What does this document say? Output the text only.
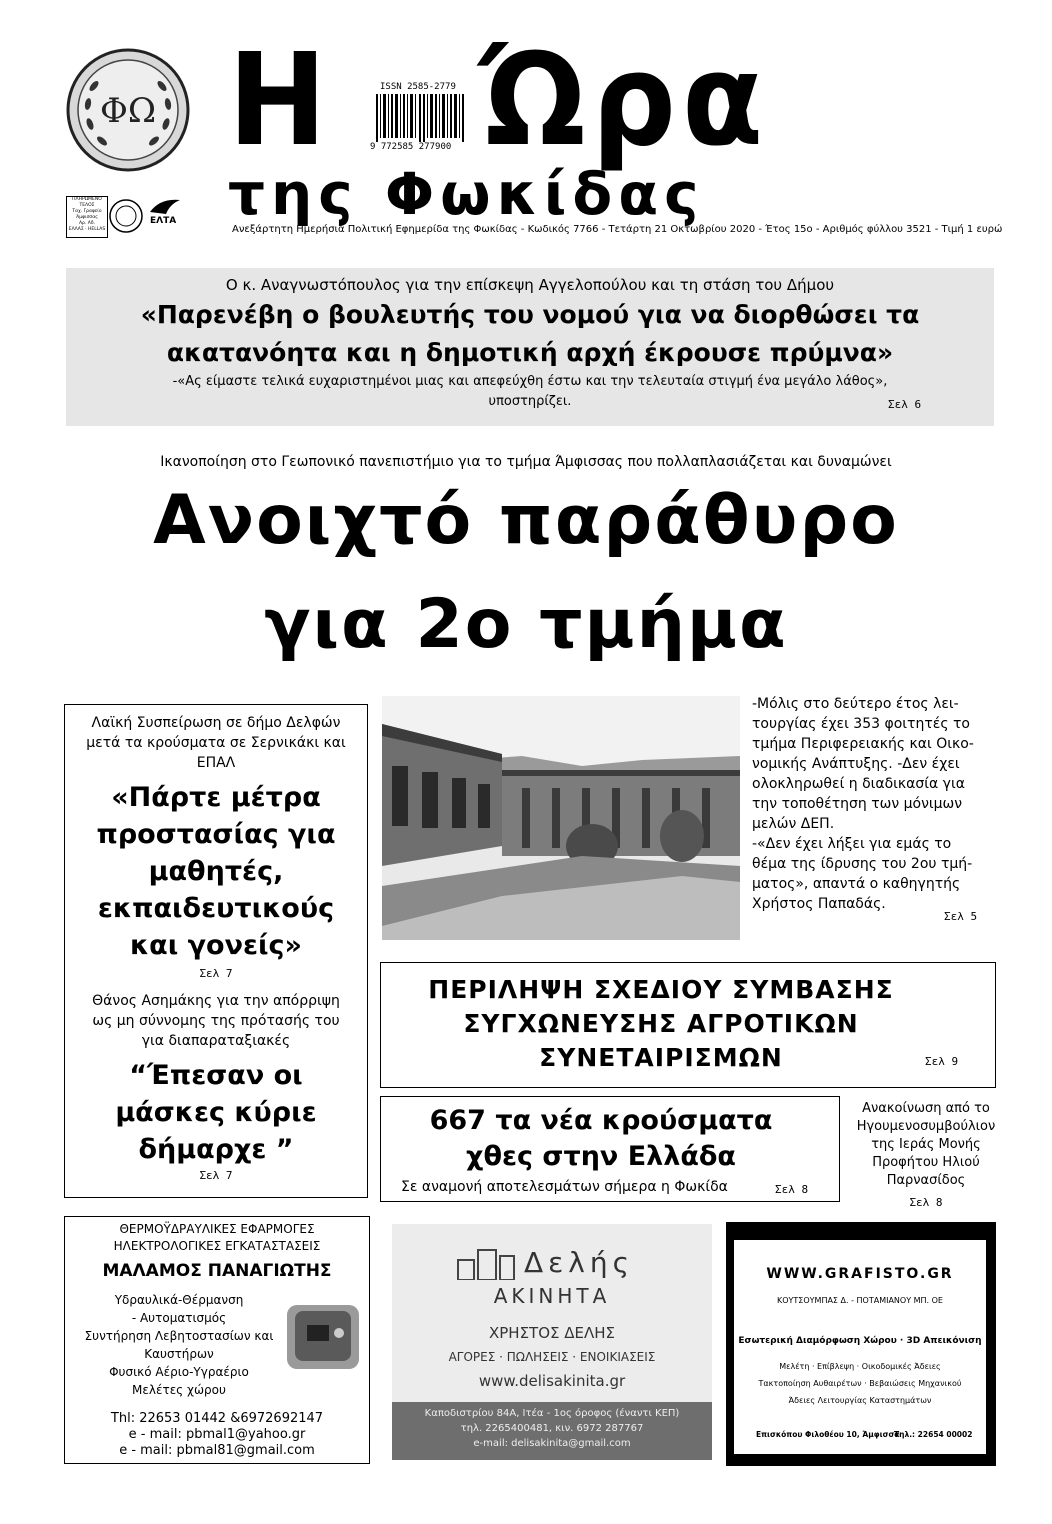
ΦΩ Η Ώρα
ISSN 2585-2779
9 772585 277900
της Φωκίδας
ΠΛΗΡΩΜΕΝΟ
ΤΕΛΟΣ
Ταχ. Γραφείο
Άμφισσας
Αρ. Αδ.
ΕΛΛΑΣ · HELLAS
ΕΛΤΑ
Ανεξάρτητη Ημερήσια Πολιτική Εφημερίδα της Φωκίδας - Κωδικός 7766 - Τετάρτη 21 Οκτωβρίου 2020 - Έτος 15ο - Αριθμός φύλλου 3521 - Τιμή 1 ευρώ
Ο κ. Αναγνωστόπουλος για την επίσκεψη Αγγελοπούλου και τη στάση του Δήμου
«Παρενέβη ο βουλευτής του νομού για να διορθώσει τα
ακατανόητα και η δημοτική αρχή έκρουσε πρύμνα»
-«Ας είμαστε τελικά ευχαριστημένοι μιας και απεφεύχθη έστω και την τελευταία στιγμή ένα μεγάλο λάθος»,
υποστηρίζει.	Σελ 6
Ικανοποίηση στο Γεωπονικό πανεπιστήμιο για το τμήμα Άμφισσας που πολλαπλασιάζεται και δυναμώνει
Ανοιχτό παράθυρο
για 2ο τμήμα
-Μόλις στο δεύτερο έτος λει-
τουργίας έχει 353 φοιτητές το
τμήμα Περιφερειακής και Οικο-
νομικής Ανάπτυξης. -Δεν έχει
ολοκληρωθεί η διαδικασία για
την τοποθέτηση των μόνιμων
μελών ΔΕΠ.
-«Δεν έχει λήξει για εμάς το
θέμα της ίδρυσης του 2ου τμή-
ματος», απαντά ο καθηγητής
Χρήστος Παπαδάς.
Σελ 5
Λαϊκή Συσπείρωση σε δήμο Δελφών
μετά τα κρούσματα σε Σερνικάκι και
ΕΠΑΛ
«Πάρτε μέτρα
προστασίας για
μαθητές,
εκπαιδευτικούς
και γονείς»
Σελ 7
Θάνος Ασημάκης για την απόρριψη
ως μη σύννομης της πρότασής του
για διαπαραταξιακές
“Έπεσαν οι
μάσκες κύριε
δήμαρχε ”
Σελ 7
ΠΕΡΙΛΗΨΗ ΣΧΕΔΙΟΥ ΣΥΜΒΑΣΗΣ
ΣΥΓΧΩΝΕΥΣΗΣ ΑΓΡΟΤΙΚΩΝ
ΣΥΝΕΤΑΙΡΙΣΜΩΝ	Σελ 9
667 τα νέα κρούσματα
χθες στην Ελλάδα
Σε αναμονή αποτελεσμάτων σήμερα η Φωκίδα	Σελ 8
Ανακοίνωση από το
Ηγουμενοσυμβούλιον
της Ιεράς Μονής
Προφήτου Ηλιού
Παρνασίδος
Σελ 8
ΘΕΡΜΟΫΔΡΑΥΛΙΚΕΣ ΕΦΑΡΜΟΓΕΣ
ΗΛΕΚΤΡΟΛΟΓΙΚΕΣ ΕΓΚΑΤΑΣΤΑΣΕΙΣ
ΜΑΛΑΜΟΣ ΠΑΝΑΓΙΩΤΗΣ
Υδραυλικά-Θέρμανση
- Αυτοματισμός
Συντήρηση Λεβητοστασίων και
Καυστήρων
Φυσικό Αέριο-Υγραέριο
Μελέτες χώρου
Thl: 22653 01442 &6972692147
e - mail: pbmal1@yahoo.gr
e - mail: pbmal81@gmail.com
Δελής
ΑΚΙΝΗΤΑ
ΧΡΗΣΤΟΣ ΔΕΛΗΣ
ΑΓΟΡΕΣ · ΠΩΛΗΣΕΙΣ · ΕΝΟΙΚΙΑΣΕΙΣ
www.delisakinita.gr
Καποδιστρίου 84Α, Ιτέα - 1ος όροφος (έναντι ΚΕΠ)
τηλ. 2265400481, κιν. 6972 287767
e-mail: delisakinita@gmail.com
WWW.GRAFISTO.GR
ΚΟΥΤΣΟΥΜΠΑΣ Δ. - ΠΟΤΑΜΙΑΝΟΥ ΜΠ. ΟΕ
Εσωτερική Διαμόρφωση Χώρου · 3D Απεικόνιση
Μελέτη · Επίβλεψη · Οικοδομικές Άδειες
Τακτοποίηση Αυθαιρέτων · Βεβαιώσεις Μηχανικού
Άδειες Λειτουργίας Καταστημάτων
Επισκόπου Φιλοθέου 10, Άμφισσα
Τηλ.: 22654 00002
